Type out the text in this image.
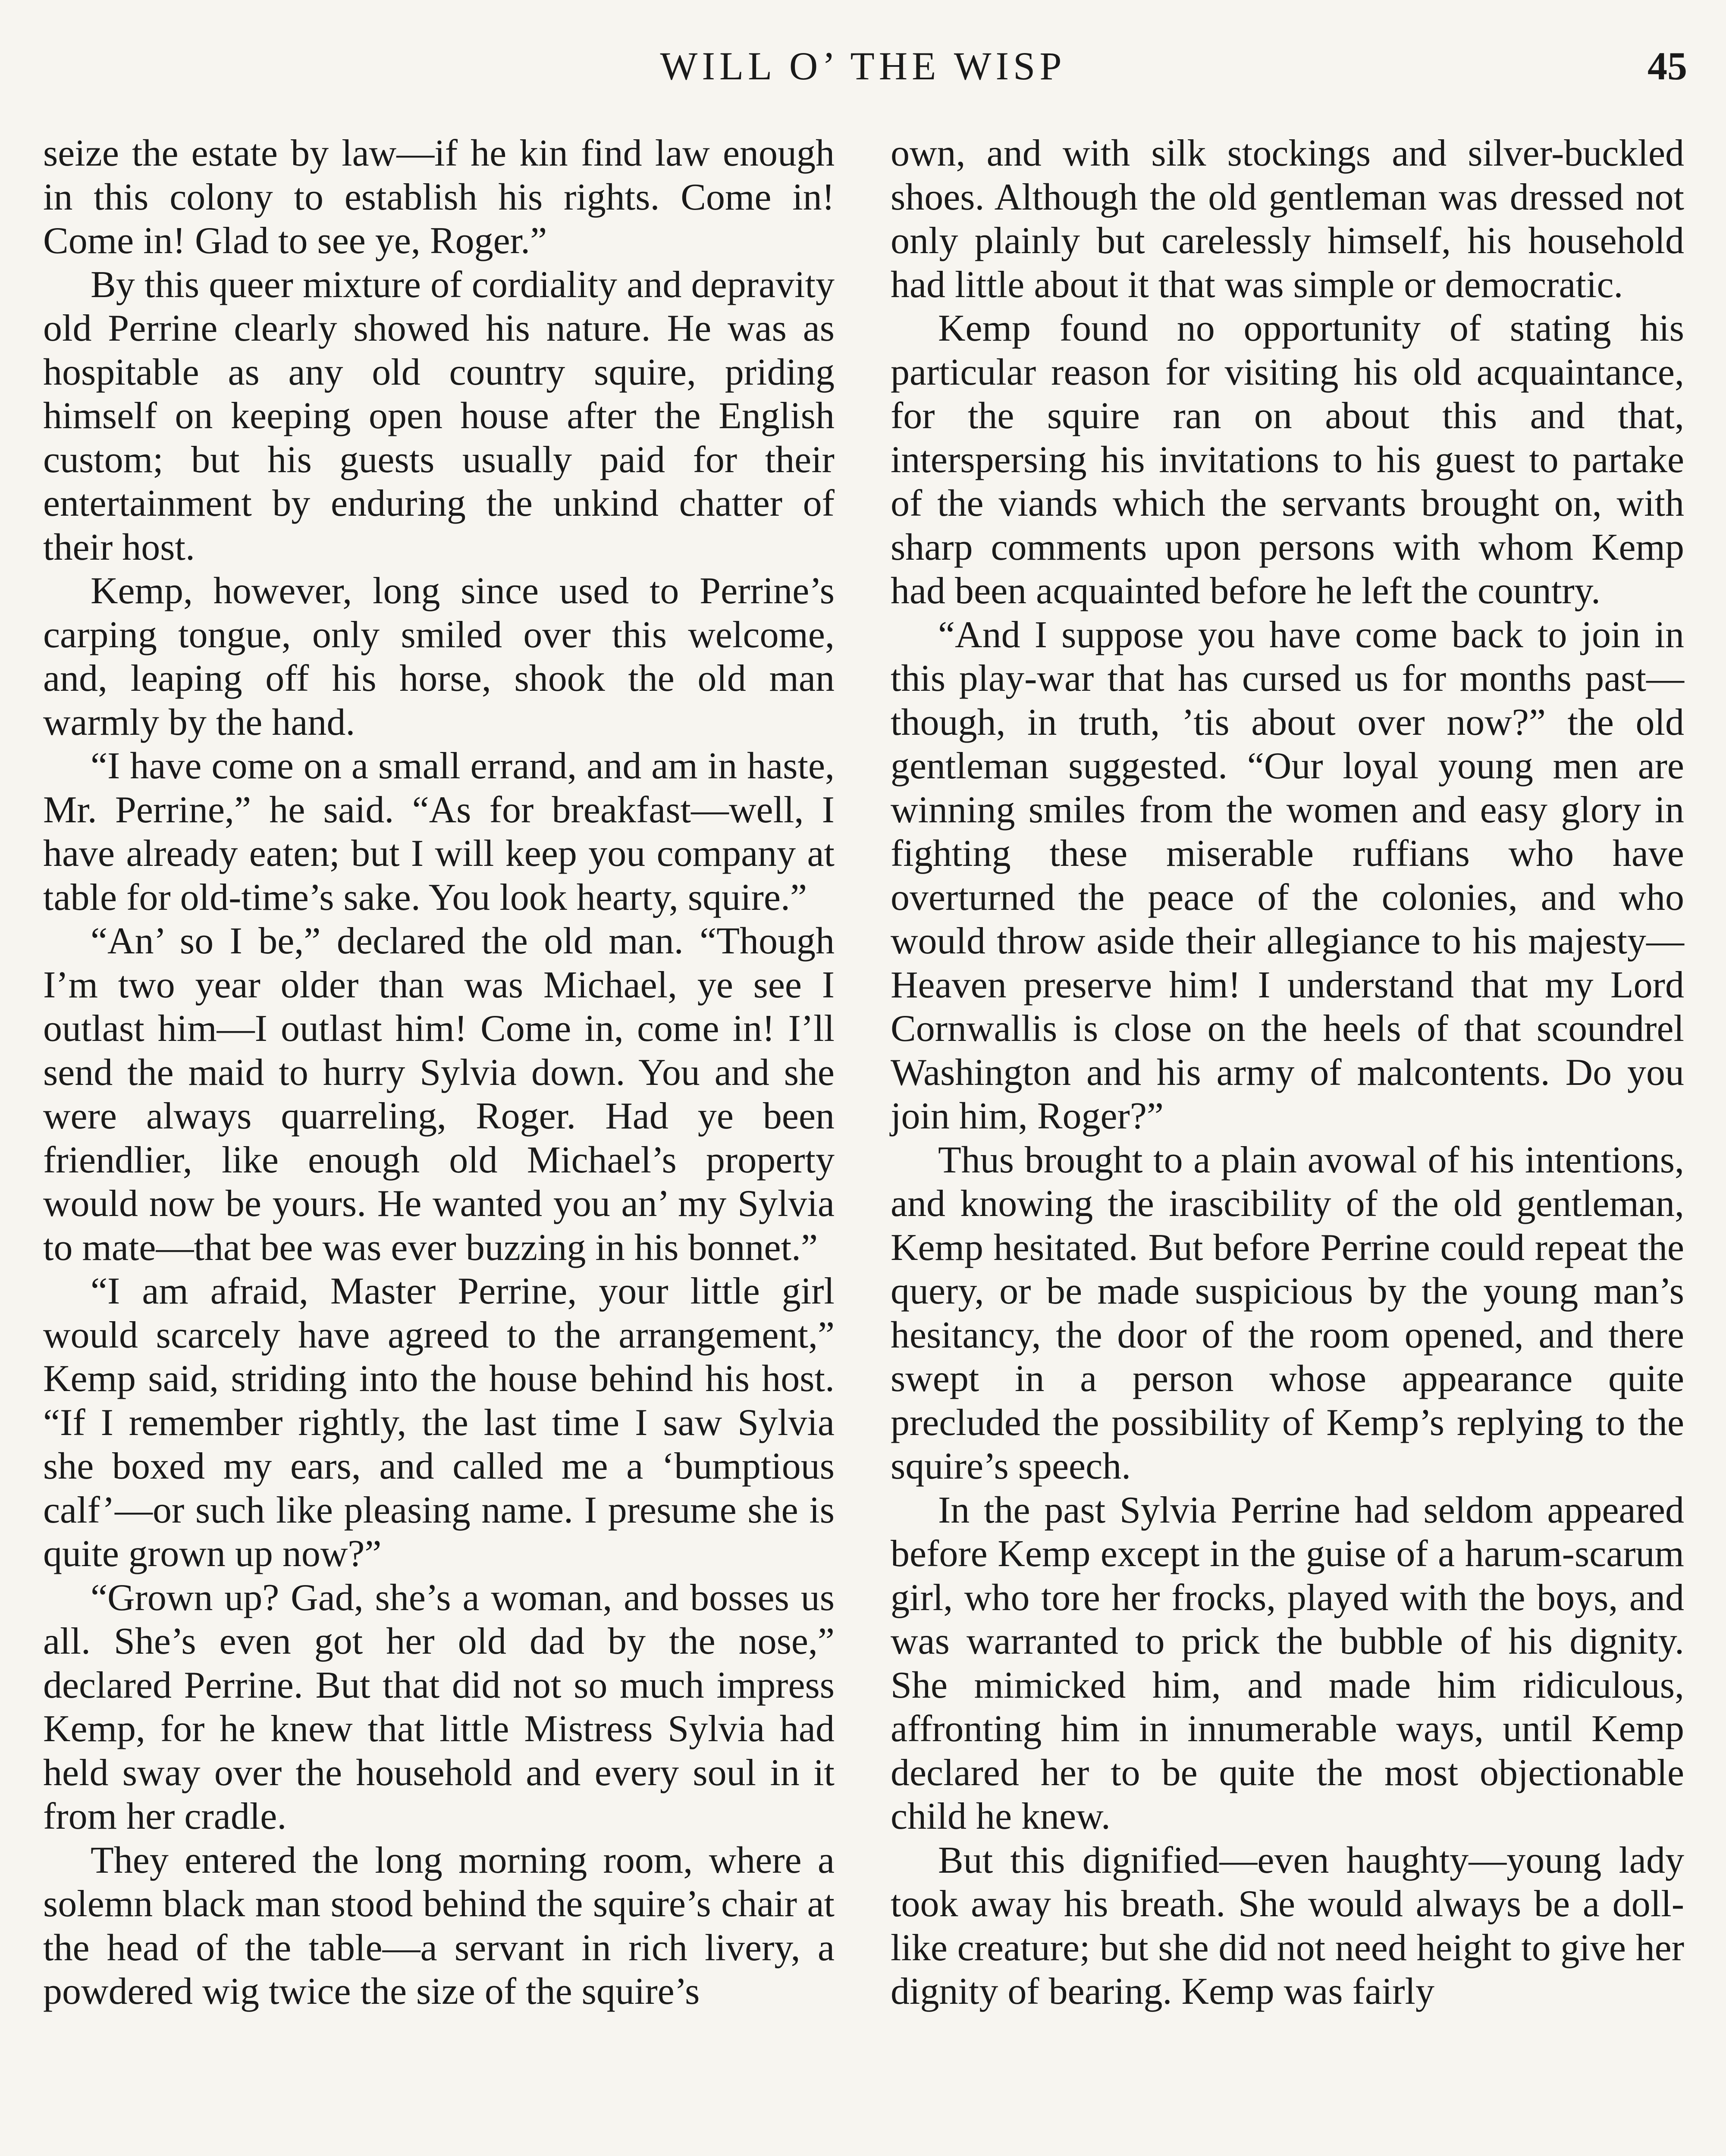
WILL O’ THE WISP	45

seize the estate by law—if he kin find law enough in this colony to establish his rights. Come in! Come in! Glad to see ye, Roger.”

By this queer mixture of cordiality and depravity old Perrine clearly showed his nature. He was as hospitable as any old country squire, priding himself on keeping open house after the English custom; but his guests usually paid for their entertainment by enduring the unkind chatter of their host.

Kemp, however, long since used to Perrine’s carping tongue, only smiled over this welcome, and, leaping off his horse, shook the old man warmly by the hand.

“I have come on a small errand, and am in haste, Mr. Perrine,” he said. “As for breakfast—well, I have already eaten; but I will keep you company at table for old-time’s sake. You look hearty, squire.”

“An’ so I be,” declared the old man. “Though I’m two year older than was Michael, ye see I outlast him—I outlast him! Come in, come in! I’ll send the maid to hurry Sylvia down. You and she were always quarreling, Roger. Had ye been friendlier, like enough old Michael’s property would now be yours. He wanted you an’ my Sylvia to mate—that bee was ever buzzing in his bonnet.”

“I am afraid, Master Perrine, your little girl would scarcely have agreed to the arrangement,” Kemp said, striding into the house behind his host. “If I remember rightly, the last time I saw Sylvia she boxed my ears, and called me a ‘bumptious calf’—or such like pleasing name. I presume she is quite grown up now?”

“Grown up? Gad, she’s a woman, and bosses us all. She’s even got her old dad by the nose,” declared Perrine. But that did not so much impress Kemp, for he knew that little Mistress Sylvia had held sway over the household and every soul in it from her cradle.

They entered the long morning room, where a solemn black man stood behind the squire’s chair at the head of the table—a servant in rich livery, a powdered wig twice the size of the squire’s

own, and with silk stockings and silver-buckled shoes. Although the old gentleman was dressed not only plainly but carelessly himself, his household had little about it that was simple or democratic.

Kemp found no opportunity of stating his particular reason for visiting his old acquaintance, for the squire ran on about this and that, interspersing his invitations to his guest to partake of the viands which the servants brought on, with sharp comments upon persons with whom Kemp had been acquainted before he left the country.

“And I suppose you have come back to join in this play-war that has cursed us for months past—though, in truth, ’tis about over now?” the old gentleman suggested. “Our loyal young men are winning smiles from the women and easy glory in fighting these miserable ruffians who have overturned the peace of the colonies, and who would throw aside their allegiance to his majesty—Heaven preserve him! I understand that my Lord Cornwallis is close on the heels of that scoundrel Washington and his army of malcontents. Do you join him, Roger?”

Thus brought to a plain avowal of his intentions, and knowing the irascibility of the old gentleman, Kemp hesitated. But before Perrine could repeat the query, or be made suspicious by the young man’s hesitancy, the door of the room opened, and there swept in a person whose appearance quite precluded the possibility of Kemp’s replying to the squire’s speech.

In the past Sylvia Perrine had seldom appeared before Kemp except in the guise of a harum-scarum girl, who tore her frocks, played with the boys, and was warranted to prick the bubble of his dignity. She mimicked him, and made him ridiculous, affronting him in innumerable ways, until Kemp declared her to be quite the most objectionable child he knew.

But this dignified—even haughty—young lady took away his breath. She would always be a doll-like creature; but she did not need height to give her dignity of bearing. Kemp was fairly
